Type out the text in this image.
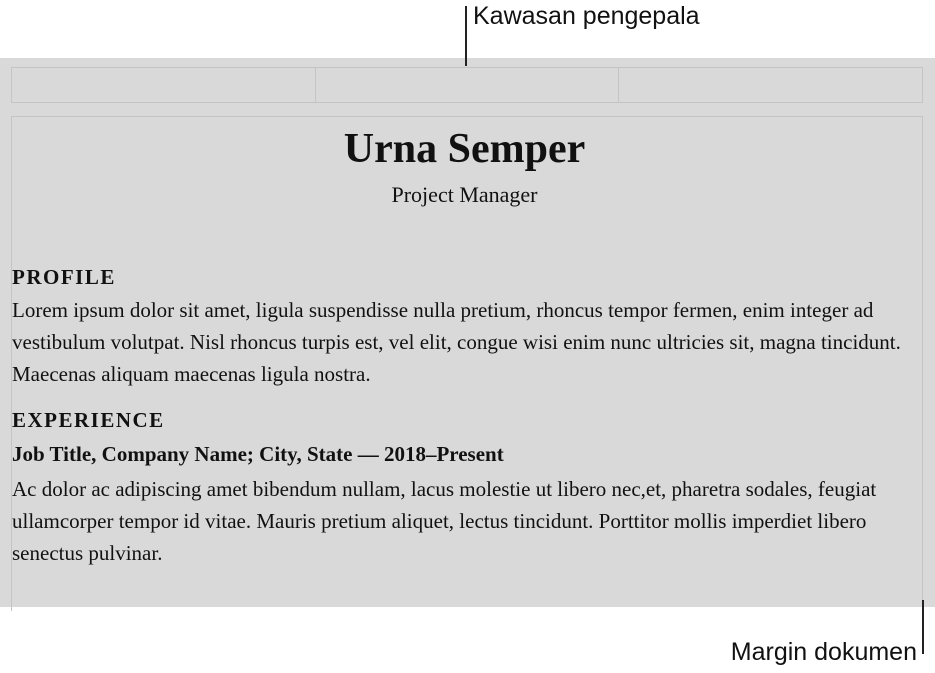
Kawasan pengepala
Margin dokumen
Urna Semper

Project Manager

PROFILE

Lorem ipsum dolor sit amet, ligula suspendisse nulla pretium, rhoncus tempor fermen, enim integer ad vestibulum volutpat. Nisl rhoncus turpis est, vel elit, congue wisi enim nunc ultricies sit, magna tincidunt. Maecenas aliquam maecenas ligula nostra.

EXPERIENCE

Job Title, Company Name; City, State — 2018–Present

Ac dolor ac adipiscing amet bibendum nullam, lacus molestie ut libero nec,et, pharetra sodales, feugiat ullamcorper tempor id vitae. Mauris pretium aliquet, lectus tincidunt. Porttitor mollis imperdiet libero senectus pulvinar.
